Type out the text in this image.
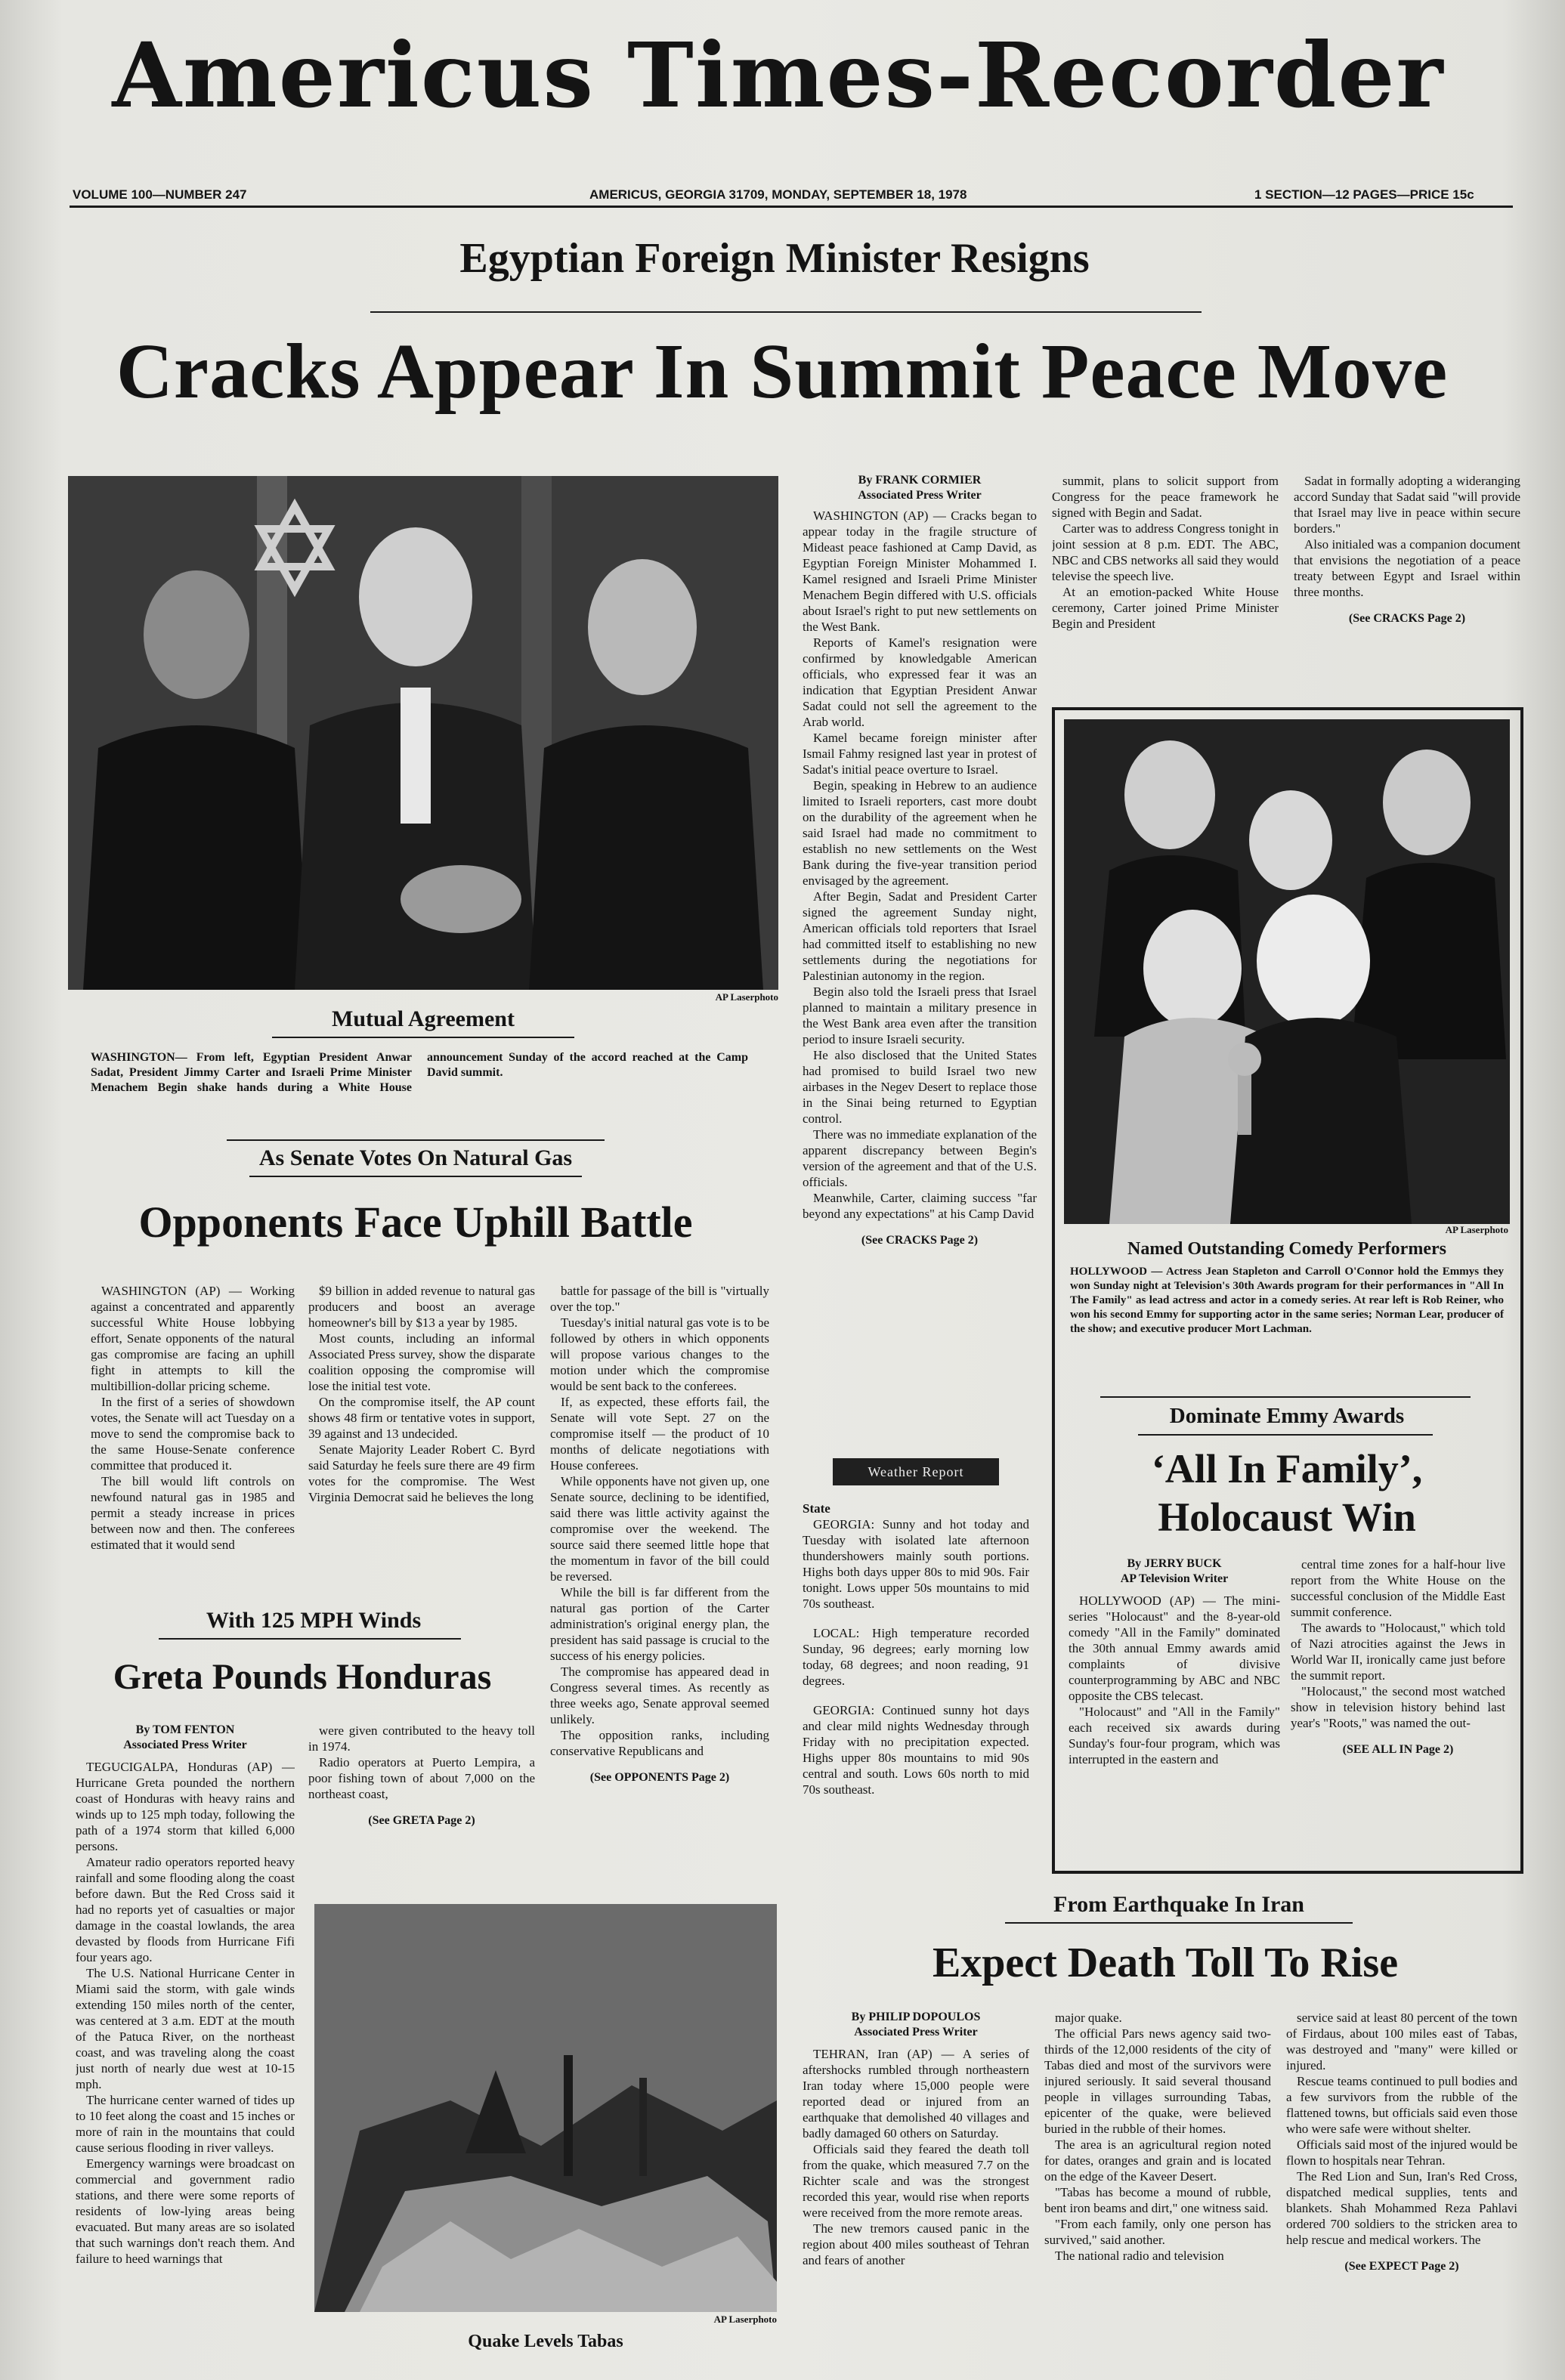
Americus Times-Recorder
VOLUME 100—NUMBER 247	AMERICUS, GEORGIA 31709, MONDAY, SEPTEMBER 18, 1978	1 SECTION—12 PAGES—PRICE 15c
Egyptian Foreign Minister Resigns
Cracks Appear In Summit Peace Move
AP Laserphoto
Mutual Agreement
WASHINGTON— From left, Egyptian President Anwar Sadat, President Jimmy Carter and Israeli Prime Minister Menachem Begin shake hands during a White House announcement Sunday of the accord reached at the Camp David summit.
By FRANK CORMIER
Associated Press Writer

WASHINGTON (AP) — Cracks began to appear today in the fragile structure of Mideast peace fashioned at Camp David, as Egyptian Foreign Minister Mohammed I. Kamel resigned and Israeli Prime Minister Menachem Begin differed with U.S. officials about Israel's right to put new settlements on the West Bank.

Reports of Kamel's resignation were confirmed by knowledgable American officials, who expressed fear it was an indication that Egyptian President Anwar Sadat could not sell the agreement to the Arab world.

Kamel became foreign minister after Ismail Fahmy resigned last year in protest of Sadat's initial peace overture to Israel.

Begin, speaking in Hebrew to an audience limited to Israeli reporters, cast more doubt on the durability of the agreement when he said Israel had made no commitment to establish no new settlements on the West Bank during the five-year transition period envisaged by the agreement.

After Begin, Sadat and President Carter signed the agreement Sunday night, American officials told reporters that Israel had committed itself to establishing no new settlements during the negotiations for Palestinian autonomy in the region.

Begin also told the Israeli press that Israel planned to maintain a military presence in the West Bank area even after the transition period to insure Israeli security.

He also disclosed that the United States had promised to build Israel two new airbases in the Negev Desert to replace those in the Sinai being returned to Egyptian control.

There was no immediate explanation of the apparent discrepancy between Begin's version of the agreement and that of the U.S. officials.

Meanwhile, Carter, claiming success "far beyond any expectations" at his Camp David

(See CRACKS Page 2)

summit, plans to solicit support from Congress for the peace framework he signed with Begin and Sadat.

Carter was to address Congress tonight in joint session at 8 p.m. EDT. The ABC, NBC and CBS networks all said they would televise the speech live.

At an emotion-packed White House ceremony, Carter joined Prime Minister Begin and President

Sadat in formally adopting a wideranging accord Sunday that Sadat said "will provide that Israel may live in peace within secure borders."

Also initialed was a companion document that envisions the negotiation of a peace treaty between Egypt and Israel within three months.

(See CRACKS Page 2)
AP Laserphoto
Named Outstanding Comedy Performers
HOLLYWOOD — Actress Jean Stapleton and Carroll O'Connor hold the Emmys they won Sunday night at Television's 30th Awards program for their performances in "All In The Family" as lead actress and actor in a comedy series. At rear left is Rob Reiner, who won his second Emmy for supporting actor in the same series; Norman Lear, producer of the show; and executive producer Mort Lachman.
Dominate Emmy Awards
‘All In Family’, Holocaust Win
By JERRY BUCK
AP Television Writer

HOLLYWOOD (AP) — The mini-series "Holocaust" and the 8-year-old comedy "All in the Family" dominated the 30th annual Emmy awards amid complaints of divisive counterprogramming by ABC and NBC opposite the CBS telecast.

"Holocaust" and "All in the Family" each received six awards during Sunday's four-four program, which was interrupted in the eastern and

central time zones for a half-hour live report from the White House on the successful conclusion of the Middle East summit conference.

The awards to "Holocaust," which told of Nazi atrocities against the Jews in World War II, ironically came just before the summit report.

"Holocaust," the second most watched show in television history behind last year's "Roots," was named the out-

(SEE ALL IN Page 2)
As Senate Votes On Natural Gas
Opponents Face Uphill Battle

WASHINGTON (AP) — Working against a concentrated and apparently successful White House lobbying effort, Senate opponents of the natural gas compromise are facing an uphill fight in attempts to kill the multibillion-dollar pricing scheme.

In the first of a series of showdown votes, the Senate will act Tuesday on a move to send the compromise back to the same House-Senate conference committee that produced it.

The bill would lift controls on newfound natural gas in 1985 and permit a steady increase in prices between now and then. The conferees estimated that it would send

$9 billion in added revenue to natural gas producers and boost an average homeowner's bill by $13 a year by 1985.

Most counts, including an informal Associated Press survey, show the disparate coalition opposing the compromise will lose the initial test vote.

On the compromise itself, the AP count shows 48 firm or tentative votes in support, 39 against and 13 undecided.

Senate Majority Leader Robert C. Byrd said Saturday he feels sure there are 49 firm votes for the compromise. The West Virginia Democrat said he believes the long

battle for passage of the bill is "virtually over the top."

Tuesday's initial natural gas vote is to be followed by others in which opponents will propose various changes to the motion under which the compromise would be sent back to the conferees.

If, as expected, these efforts fail, the Senate will vote Sept. 27 on the compromise itself — the product of 10 months of delicate negotiations with House conferees.

While opponents have not given up, one Senate source, declining to be identified, said there was little activity against the compromise over the weekend. The source said there seemed little hope that the momentum in favor of the bill could be reversed.

While the bill is far different from the natural gas portion of the Carter administration's original energy plan, the president has said passage is crucial to the success of his energy policies.

The compromise has appeared dead in Congress several times. As recently as three weeks ago, Senate approval seemed unlikely.

The opposition ranks, including conservative Republicans and

(See OPPONENTS Page 2)
With 125 MPH Winds
Greta Pounds Honduras
By TOM FENTON
Associated Press Writer

TEGUCIGALPA, Honduras (AP) — Hurricane Greta pounded the northern coast of Honduras with heavy rains and winds up to 125 mph today, following the path of a 1974 storm that killed 6,000 persons.

Amateur radio operators reported heavy rainfall and some flooding along the coast before dawn. But the Red Cross said it had no reports yet of casualties or major damage in the coastal lowlands, the area devasted by floods from Hurricane Fifi four years ago.

The U.S. National Hurricane Center in Miami said the storm, with gale winds extending 150 miles north of the center, was centered at 3 a.m. EDT at the mouth of the Patuca River, on the northeast coast, and was traveling along the coast just north of nearly due west at 10-15 mph.

The hurricane center warned of tides up to 10 feet along the coast and 15 inches or more of rain in the mountains that could cause serious flooding in river valleys.

Emergency warnings were broadcast on commercial and government radio stations, and there were some reports of residents of low-lying areas being evacuated. But many areas are so isolated that such warnings don't reach them. And failure to heed warnings that

were given contributed to the heavy toll in 1974.

Radio operators at Puerto Lempira, a poor fishing town of about 7,000 on the northeast coast,

(See GRETA Page 2)
AP Laserphoto
Quake Levels Tabas
Weather Report
State

GEORGIA: Sunny and hot today and Tuesday with isolated late afternoon thundershowers mainly south portions. Highs both days upper 80s to mid 90s. Fair tonight. Lows upper 50s mountains to mid 70s southeast.

LOCAL: High temperature recorded Sunday, 96 degrees; early morning low today, 68 degrees; and noon reading, 91 degrees.

GEORGIA: Continued sunny hot days and clear mild nights Wednesday through Friday with no precipitation expected. Highs upper 80s mountains to mid 90s central and south. Lows 60s north to mid 70s southeast.

From Earthquake In Iran
Expect Death Toll To Rise
By PHILIP DOPOULOS
Associated Press Writer

TEHRAN, Iran (AP) — A series of aftershocks rumbled through northeastern Iran today where 15,000 people were reported dead or injured from an earthquake that demolished 40 villages and badly damaged 60 others on Saturday.

Officials said they feared the death toll from the quake, which measured 7.7 on the Richter scale and was the strongest recorded this year, would rise when reports were received from the more remote areas.

The new tremors caused panic in the region about 400 miles southeast of Tehran and fears of another

major quake.

The official Pars news agency said two-thirds of the 12,000 residents of the city of Tabas died and most of the survivors were injured seriously. It said several thousand people in villages surrounding Tabas, epicenter of the quake, were believed buried in the rubble of their homes.

The area is an agricultural region noted for dates, oranges and grain and is located on the edge of the Kaveer Desert.

"Tabas has become a mound of rubble, bent iron beams and dirt," one witness said.

"From each family, only one person has survived," said another.

The national radio and television

service said at least 80 percent of the town of Firdaus, about 100 miles east of Tabas, was destroyed and "many" were killed or injured.

Rescue teams continued to pull bodies and a few survivors from the rubble of the flattened towns, but officials said even those who were safe were without shelter.

Officials said most of the injured would be flown to hospitals near Tehran.

The Red Lion and Sun, Iran's Red Cross, dispatched medical supplies, tents and blankets. Shah Mohammed Reza Pahlavi ordered 700 soldiers to the stricken area to help rescue and medical workers. The

(See EXPECT Page 2)
